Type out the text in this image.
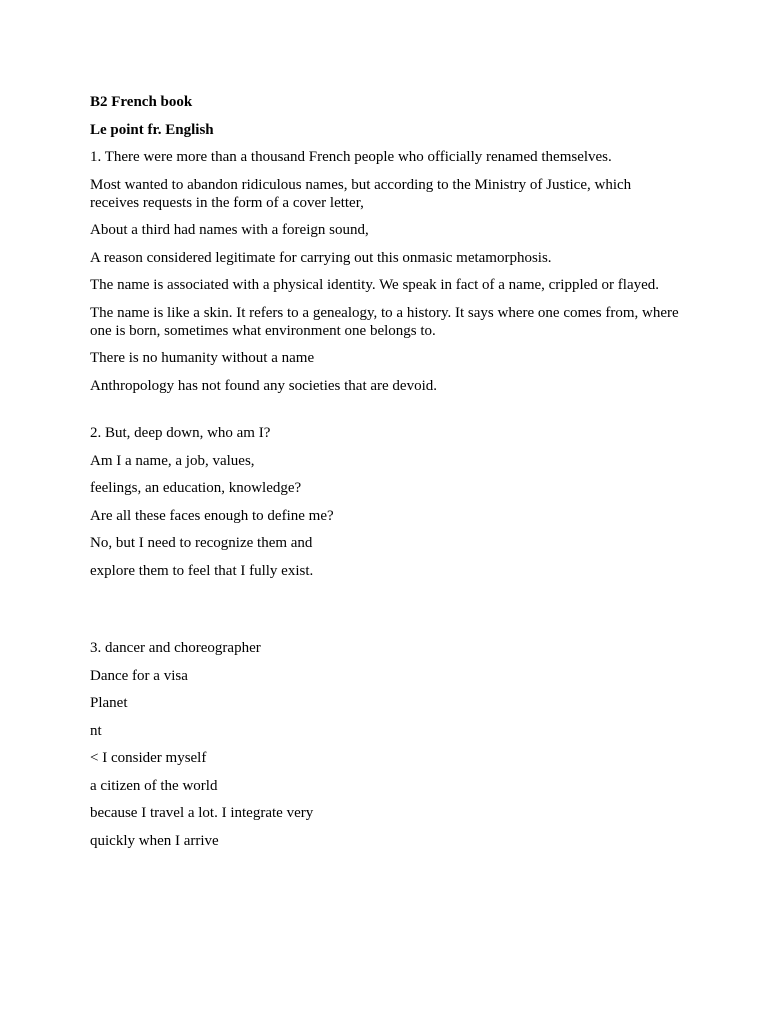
B2 French book

Le point fr. English

1. There were more than a thousand French people who officially renamed themselves.

Most wanted to abandon ridiculous names, but according to the Ministry of Justice, which receives requests in the form of a cover letter,

About a third had names with a foreign sound,

A reason considered legitimate for carrying out this onmasic metamorphosis.

The name is associated with a physical identity. We speak in fact of a name, crippled or flayed.

The name is like a skin. It refers to a genealogy, to a history. It says where one comes from, where one is born, sometimes what environment one belongs to.

There is no humanity without a name

Anthropology has not found any societies that are devoid.

2. But, deep down, who am I?

Am I a name, a job, values,

feelings, an education, knowledge?

Are all these faces enough to define me?

No, but I need to recognize them and

explore them to feel that I fully exist.

3. dancer and choreographer

Dance for a visa

Planet

nt

< I consider myself

a citizen of the world

because I travel a lot. I integrate very

quickly when I arrive
